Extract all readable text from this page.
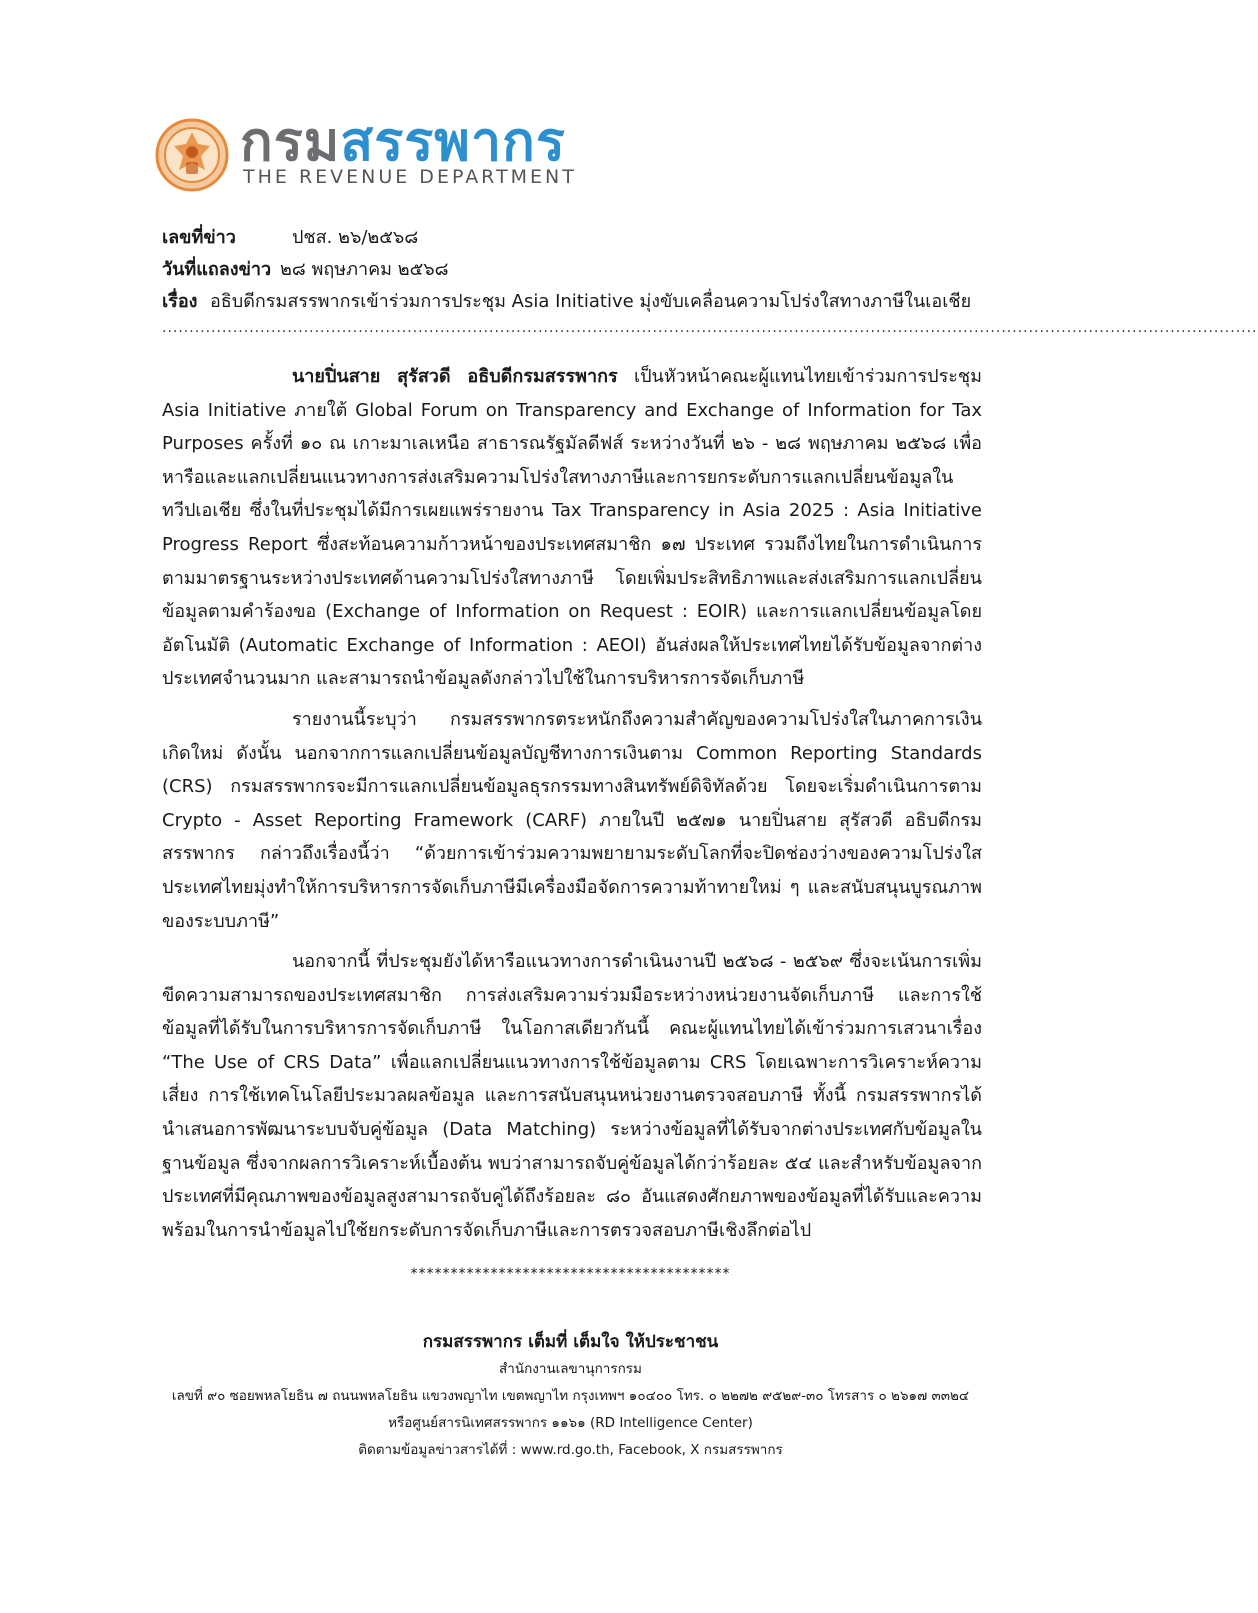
กรมสรรพากร
THE REVENUE DEPARTMENT
เลขที่ข่าว	ปชส. ๒๖/๒๕๖๘
วันที่แถลงข่าว ๒๘ พฤษภาคม ๒๕๖๘
เรื่อง อธิบดีกรมสรรพากรเข้าร่วมการประชุม Asia Initiative มุ่งขับเคลื่อนความโปร่งใสทางภาษีในเอเชีย
.........................................................................................................................................................................................................

นายปิ่นสาย สุรัสวดี อธิบดีกรมสรรพากร เป็นหัวหน้าคณะผู้แทนไทยเข้าร่วมการประชุม Asia Initiative ภายใต้ Global Forum on Transparency and Exchange of Information for Tax Purposes ครั้งที่ ๑๐ ณ เกาะมาเลเหนือ สาธารณรัฐมัลดีฟส์ ระหว่างวันที่ ๒๖ - ๒๘ พฤษภาคม ๒๕๖๘ เพื่อหารือและแลกเปลี่ยนแนวทางการส่งเสริมความโปร่งใสทางภาษีและการยกระดับการแลกเปลี่ยนข้อมูลในทวีปเอเชีย ซึ่งในที่ประชุมได้มีการเผยแพร่รายงาน Tax Transparency in Asia 2025 : Asia Initiative Progress Report ซึ่งสะท้อนความก้าวหน้าของประเทศสมาชิก ๑๗ ประเทศ รวมถึงไทยในการดำเนินการตามมาตรฐานระหว่างประเทศด้านความโปร่งใสทางภาษี โดยเพิ่มประสิทธิภาพและส่งเสริมการแลกเปลี่ยนข้อมูลตามคำร้องขอ (Exchange of Information on Request : EOIR) และการแลกเปลี่ยนข้อมูลโดยอัตโนมัติ (Automatic Exchange of Information : AEOI) อันส่งผลให้ประเทศไทยได้รับข้อมูลจากต่างประเทศจำนวนมาก และสามารถนำข้อมูลดังกล่าวไปใช้ในการบริหารการจัดเก็บภาษี

รายงานนี้ระบุว่า กรมสรรพากรตระหนักถึงความสำคัญของความโปร่งใสในภาคการเงินเกิดใหม่ ดังนั้น นอกจากการแลกเปลี่ยนข้อมูลบัญชีทางการเงินตาม Common Reporting Standards (CRS) กรมสรรพากรจะมีการแลกเปลี่ยนข้อมูลธุรกรรมทางสินทรัพย์ดิจิทัลด้วย โดยจะเริ่มดำเนินการตาม Crypto - Asset Reporting Framework (CARF) ภายในปี ๒๕๗๑ นายปิ่นสาย สุรัสวดี อธิบดีกรมสรรพากร กล่าวถึงเรื่องนี้ว่า “ด้วยการเข้าร่วมความพยายามระดับโลกที่จะปิดช่องว่างของความโปร่งใส ประเทศไทยมุ่งทำให้การบริหารการจัดเก็บภาษีมีเครื่องมือจัดการความท้าทายใหม่ ๆ และสนับสนุนบูรณภาพของระบบภาษี”

นอกจากนี้ ที่ประชุมยังได้หารือแนวทางการดำเนินงานปี ๒๕๖๘ - ๒๕๖๙ ซึ่งจะเน้นการเพิ่มขีดความสามารถของประเทศสมาชิก การส่งเสริมความร่วมมือระหว่างหน่วยงานจัดเก็บภาษี และการใช้ข้อมูลที่ได้รับในการบริหารการจัดเก็บภาษี ในโอกาสเดียวกันนี้ คณะผู้แทนไทยได้เข้าร่วมการเสวนาเรื่อง “The Use of CRS Data” เพื่อแลกเปลี่ยนแนวทางการใช้ข้อมูลตาม CRS โดยเฉพาะการวิเคราะห์ความเสี่ยง การใช้เทคโนโลยีประมวลผลข้อมูล และการสนับสนุนหน่วยงานตรวจสอบภาษี ทั้งนี้ กรมสรรพากรได้นำเสนอการพัฒนาระบบจับคู่ข้อมูล (Data Matching) ระหว่างข้อมูลที่ได้รับจากต่างประเทศกับข้อมูลในฐานข้อมูล ซึ่งจากผลการวิเคราะห์เบื้องต้น พบว่าสามารถจับคู่ข้อมูลได้กว่าร้อยละ ๕๔ และสำหรับข้อมูลจากประเทศที่มีคุณภาพของข้อมูลสูงสามารถจับคู่ได้ถึงร้อยละ ๘๐ อันแสดงศักยภาพของข้อมูลที่ได้รับและความพร้อมในการนำข้อมูลไปใช้ยกระดับการจัดเก็บภาษีและการตรวจสอบภาษีเชิงลึกต่อไป

****************************************
กรมสรรพากร เต็มที่ เต็มใจ ให้ประชาชน
สำนักงานเลขานุการกรม
เลขที่ ๙๐ ซอยพหลโยธิน ๗ ถนนพหลโยธิน แขวงพญาไท เขตพญาไท กรุงเทพฯ ๑๐๔๐๐ โทร. ๐ ๒๒๗๒ ๙๕๒๙-๓๐ โทรสาร ๐ ๒๖๑๗ ๓๓๒๔
หรือศูนย์สารนิเทศสรรพากร ๑๑๖๑ (RD Intelligence Center)
ติดตามข้อมูลข่าวสารได้ที่ : www.rd.go.th, Facebook, X กรมสรรพากร
